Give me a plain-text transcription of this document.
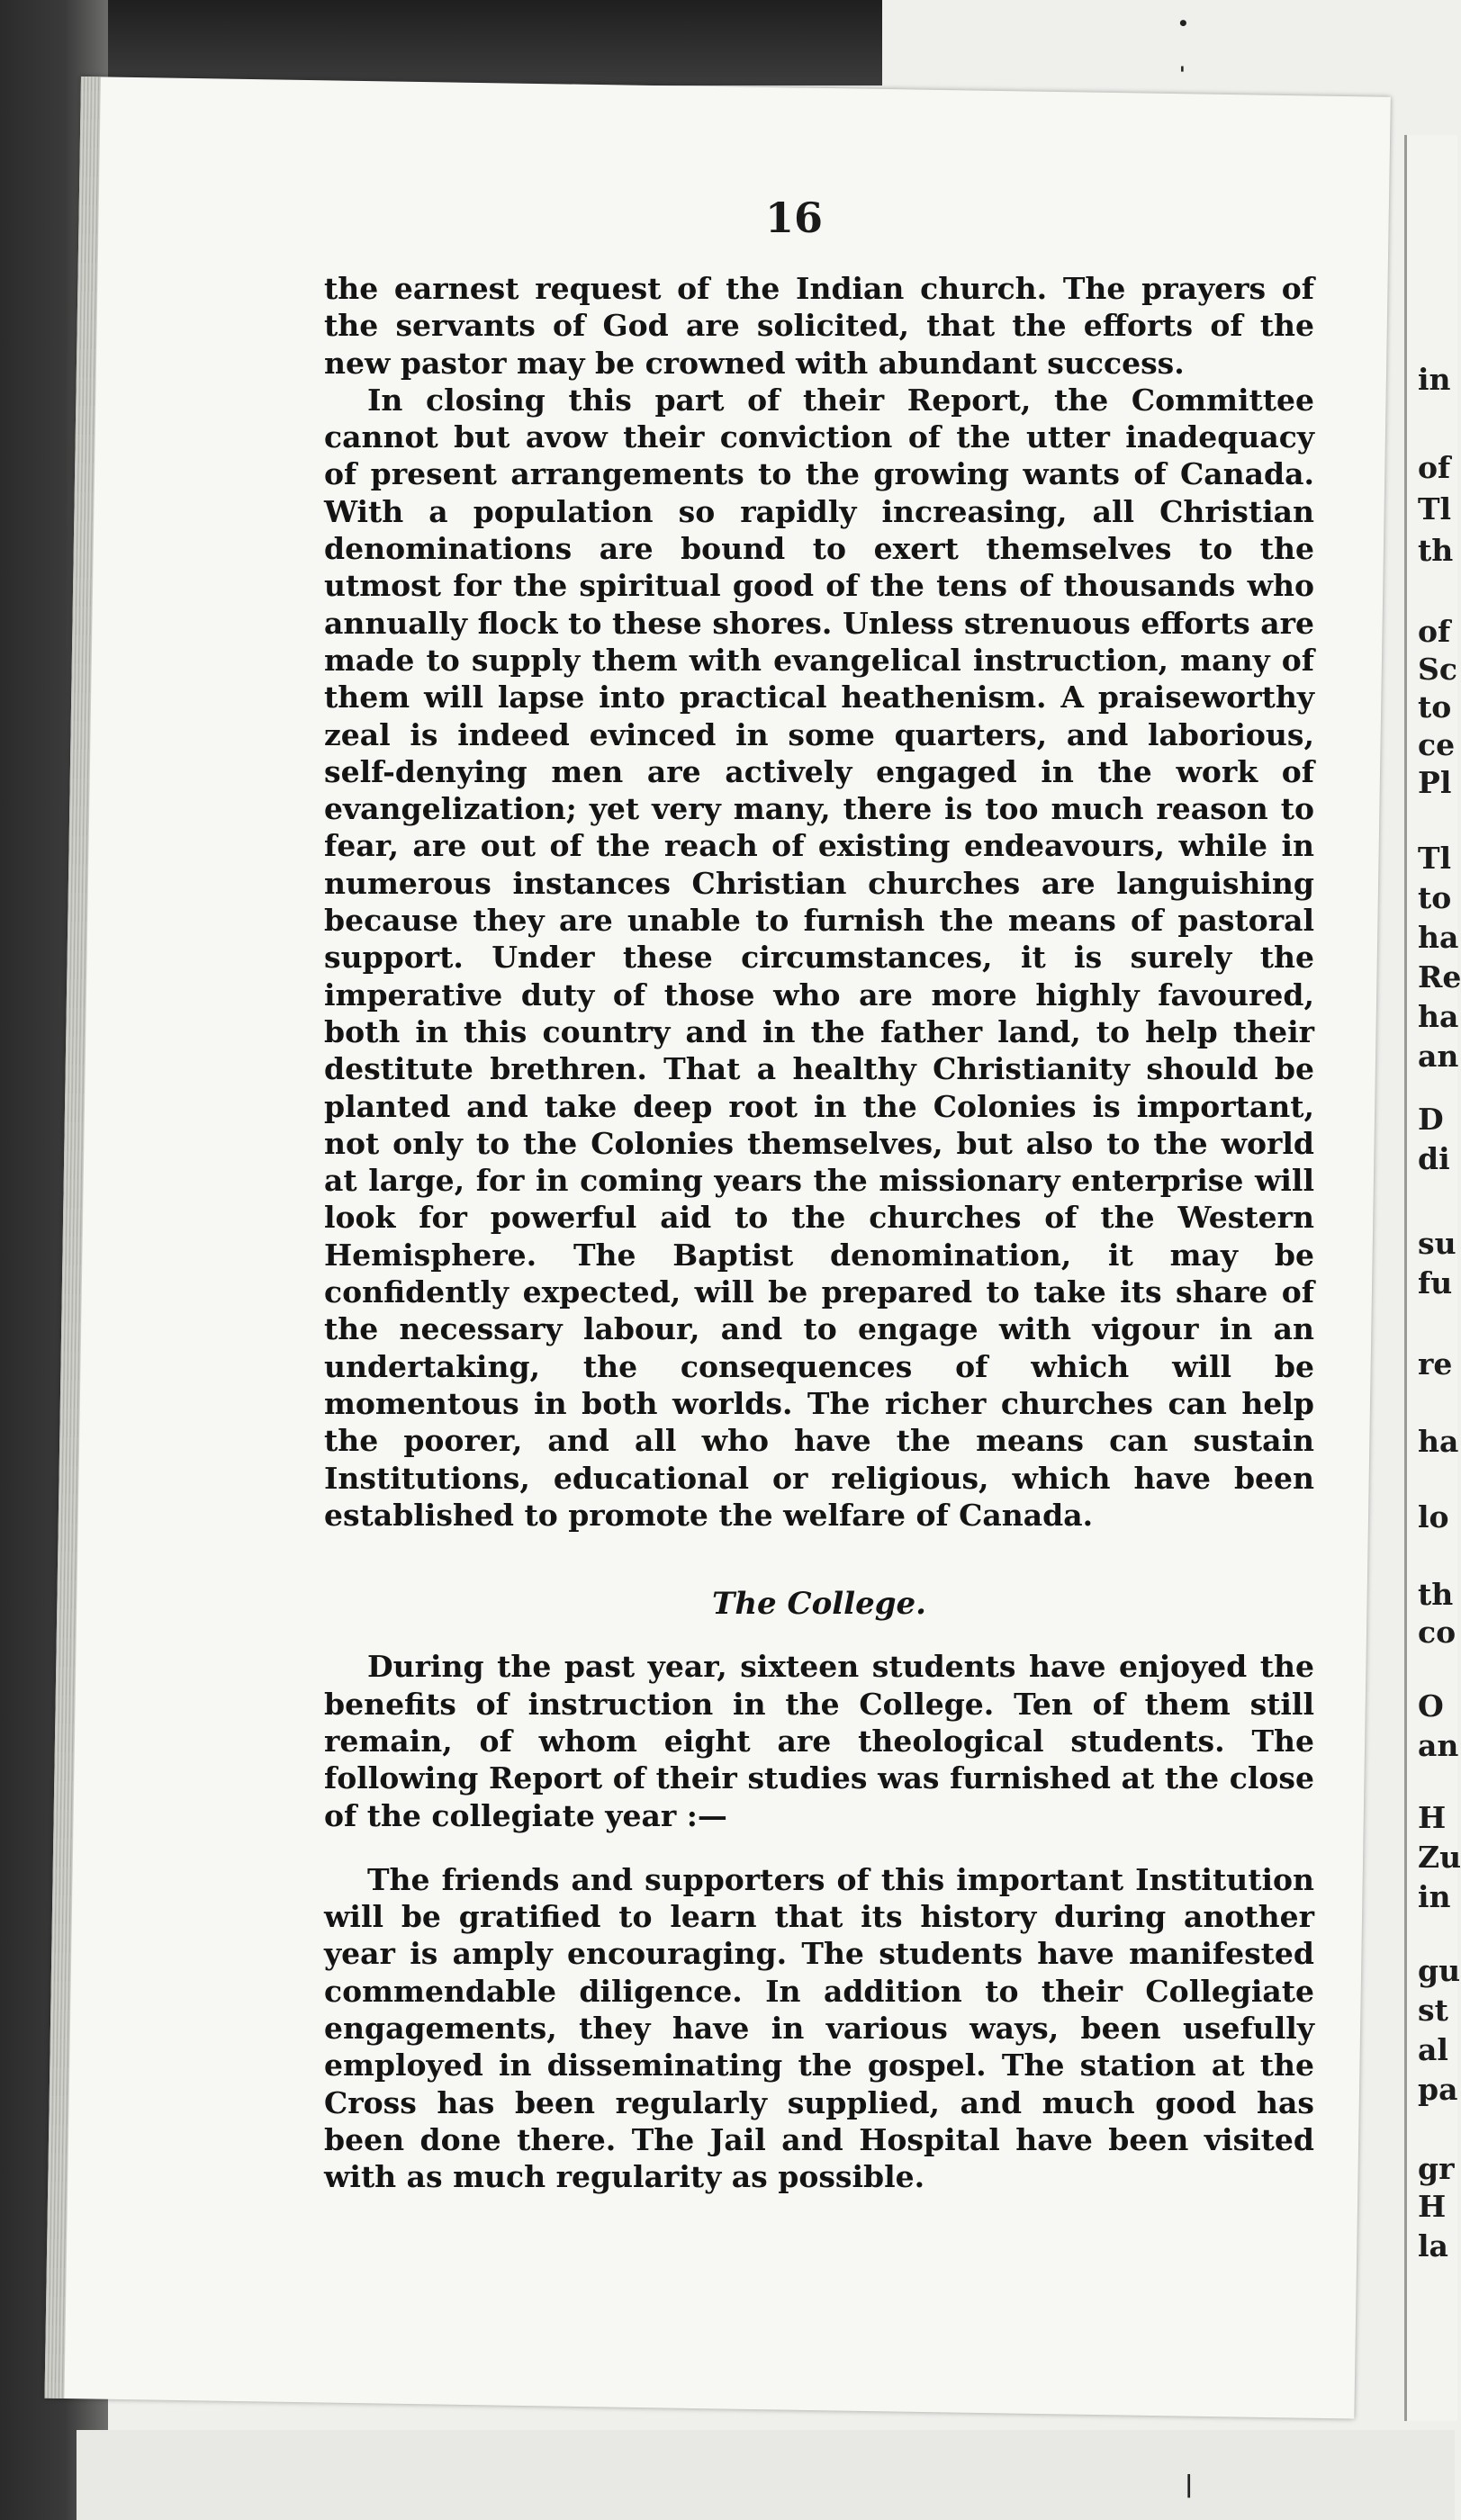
in
of
Tl
th
of
Sc
to
ce
Pl
Tl
to
ha
Re
ha
an
D
di
su
fu
re
ha
lo
th
co
O
an
H
Zu
in
gu
st
al
pa
gr
H
la
16

the earnest request of the Indian church. The prayers of the servants of God are solicited, that the efforts of the new pastor may be crowned with abundant success.

In closing this part of their Report, the Committee cannot but avow their conviction of the utter inadequacy of present arrangements to the growing wants of Canada. With a population so rapidly increasing, all Christian denominations are bound to exert themselves to the utmost for the spiritual good of the tens of thousands who annually flock to these shores. Unless strenuous efforts are made to supply them with evangelical instruction, many of them will lapse into practical heathenism. A praiseworthy zeal is indeed evinced in some quarters, and laborious, self-denying men are actively engaged in the work of evangelization; yet very many, there is too much reason to fear, are out of the reach of existing endeavours, while in numerous instances Christian churches are languishing because they are unable to furnish the means of pastoral support. Under these circumstances, it is surely the imperative duty of those who are more highly favoured, both in this country and in the father land, to help their destitute brethren. That a healthy Christianity should be planted and take deep root in the Colonies is important, not only to the Colonies themselves, but also to the world at large, for in coming years the missionary enterprise will look for powerful aid to the churches of the Western Hemisphere. The Baptist denomination, it may be confidently expected, will be prepared to take its share of the necessary labour, and to engage with vigour in an undertaking, the consequences of which will be momentous in both worlds. The richer churches can help the poorer, and all who have the means can sustain Institutions, educational or religious, which have been established to promote the welfare of Canada.

The College.

During the past year, sixteen students have enjoyed the benefits of instruction in the College. Ten of them still remain, of whom eight are theological students. The following Report of their studies was furnished at the close of the collegiate year :—

The friends and supporters of this important Institution will be gratified to learn that its history during another year is amply encouraging. The students have manifested commendable diligence. In addition to their Collegiate engagements, they have in various ways, been usefully employed in disseminating the gospel. The station at the Cross has been regularly supplied, and much good has been done there. The Jail and Hospital have been visited with as much regularity as possible.

•
'
|
